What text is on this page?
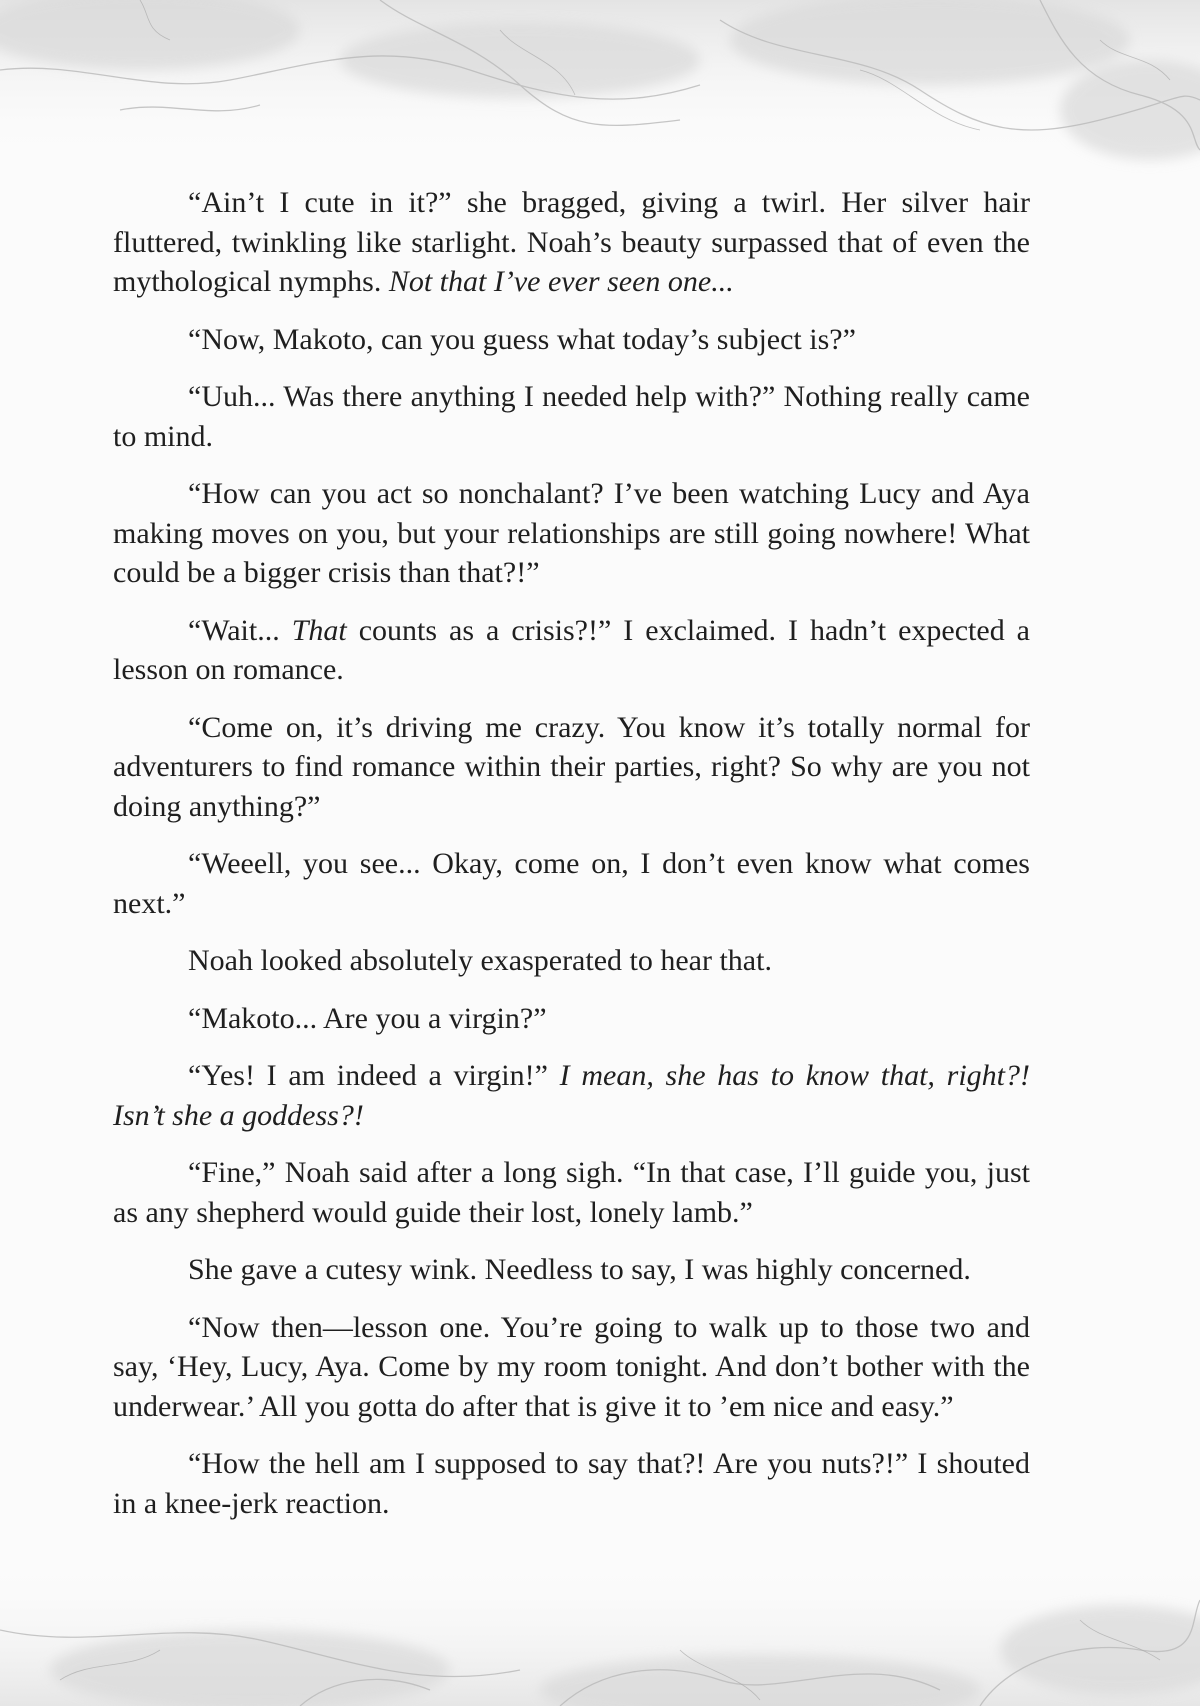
“Ain’t I cute in it?” she bragged, giving a twirl. Her silver hair fluttered, twinkling like starlight. Noah’s beauty surpassed that of even the mythological nymphs. Not that I’ve ever seen one...

“Now, Makoto, can you guess what today’s subject is?”

“Uuh... Was there anything I needed help with?” Nothing really came to mind.

“How can you act so nonchalant? I’ve been watching Lucy and Aya making moves on you, but your relationships are still going nowhere! What could be a bigger crisis than that?!”

“Wait... That counts as a crisis?!” I exclaimed. I hadn’t expected a lesson on romance.

“Come on, it’s driving me crazy. You know it’s totally normal for adventurers to find romance within their parties, right? So why are you not doing anything?”

“Weeell, you see... Okay, come on, I don’t even know what comes next.”

Noah looked absolutely exasperated to hear that.

“Makoto... Are you a virgin?”

“Yes! I am indeed a virgin!” I mean, she has to know that, right?! Isn’t she a goddess?!

“Fine,” Noah said after a long sigh. “In that case, I’ll guide you, just as any shepherd would guide their lost, lonely lamb.”

She gave a cutesy wink. Needless to say, I was highly concerned.

“Now then—lesson one. You’re going to walk up to those two and say, ‘Hey, Lucy, Aya. Come by my room tonight. And don’t bother with the underwear.’ All you gotta do after that is give it to ’em nice and easy.”

“How the hell am I supposed to say that?! Are you nuts?!” I shouted in a knee-jerk reaction.
